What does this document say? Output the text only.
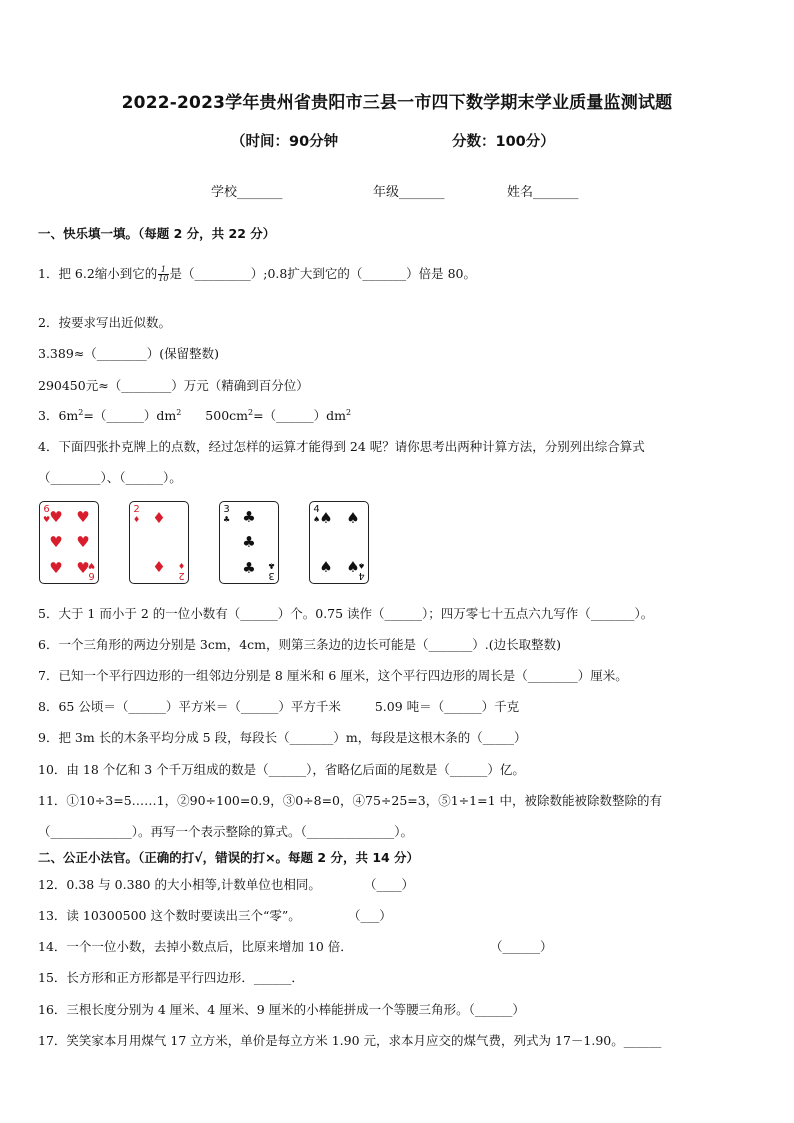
2022-2023学年贵州省贵阳市三县一市四下数学期末学业质量监测试题
（时间：90分钟	分数：100分）
学校_______	年级_______	姓名_______
一、快乐填一填。（每题 2 分，共 22 分）
1．把 6.2缩小到它的 $\frac{1}{10}$ 是（_________）;0.8扩大到它的（_______）倍是 80。
2．按要求写出近似数。
3.389≈（________）(保留整数)
290450元≈（________）万元（精确到百分位）
3．$6m^2=(\_\_\_\_\_\_)dm^2$ $500cm^2=(\_\_\_\_\_\_)dm^2$
4．下面四张扑克牌上的点数，经过怎样的运算才能得到 24 呢？请你思考出两种计算方法，分别列出综合算式
（________）、（______）。
6
♥
6
♥
♥ ♥
♥ ♥
♥ ♥
2
♦
2
♦
♦
♦
3
♣
3
♣
♣
♣
♣
4
♠
4
♠
♠ ♠
♠ ♠
5．大于 1 而小于 2 的一位小数有（______）个。0.75 读作（______）；四万零七十五点六九写作（_______）。
6．一个三角形的两边分别是 3cm，4cm，则第三条边的边长可能是（_______）.(边长取整数)
7．已知一个平行四边形的一组邻边分别是 8 厘米和 6 厘米，这个平行四边形的周长是（________）厘米。
8．65 公顷＝（______）平方米＝（______）平方千米	5.09 吨＝（______）千克
9．把 3m 长的木条平均分成 5 段，每段长（_______）m，每段是这根木条的（_____）
10．由 18 个亿和 3 个千万组成的数是（______），省略亿后面的尾数是（______）亿。
11．①10÷3=5……1，②90÷100=0.9，③0÷8=0，④75÷25=3，⑤1÷1=1 中，被除数能被除数整除的有
（_____________）。再写一个表示整除的算式。（______________）。
二、公正小法官。（正确的打√，错误的打×。每题 2 分，共 14 分）
12．0.38 与 0.380 的大小相等,计数单位也相同。	（____）
13．读 10300500 这个数时要读出三个“零”。	（___）
14．一个一位小数，去掉小数点后，比原来增加 10 倍．	（______）
15．长方形和正方形都是平行四边形．______．
16．三根长度分别为 4 厘米、4 厘米、9 厘米的小棒能拼成一个等腰三角形。（______）
17．笑笑家本月用煤气 17 立方米，单价是每立方米 1.90 元，求本月应交的煤气费，列式为 17－1.90。______
